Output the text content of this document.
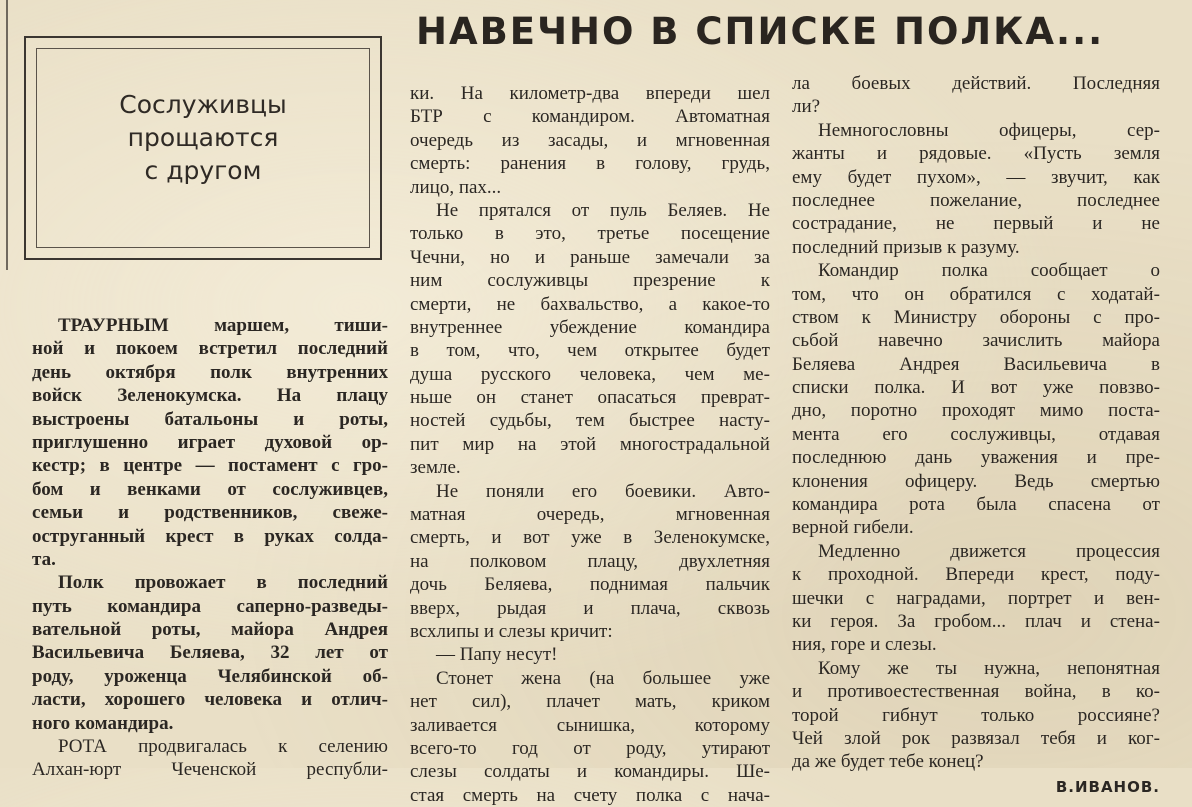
НАВЕЧНО В СПИСКЕ ПОЛКА...

Сослуживцы
прощаются
с другом

ТРАУРНЫМ маршем, тиши-
ной и покоем встретил последний
день октября полк внутренних
войск Зеленокумска. На плацу
выстроены батальоны и роты,
приглушенно играет духовой ор-
кестр; в центре — постамент с гро-
бом и венками от сослуживцев,
семьи и родственников, свеже-
оструганный крест в руках солда-
та.
Полк провожает в последний
путь командира саперно-разведы-
вательной роты, майора Андрея
Васильевича Беляева, 32 лет от
роду, уроженца Челябинской об-
ласти, хорошего человека и отлич-
ного командира.
РОТА продвигалась к селению
Алхан-юрт	Чеченской	республи-
ки. На километр-два впереди шел
БТР с командиром. Автоматная
очередь из засады, и мгновенная
смерть: ранения в голову, грудь,
лицо, пах...
Не прятался от пуль Беляев. Не
только в это, третье посещение
Чечни, но и раньше замечали за
ним сослуживцы презрение к
смерти, не бахвальство, а какое-то
внутреннее убеждение командира
в том, что, чем открытее будет
душа русского человека, чем ме-
ньше он станет опасаться преврат-
ностей судьбы, тем быстрее насту-
пит мир на этой многострадальной
земле.
Не поняли его боевики. Авто-
матная	очередь,	мгновенная
смерть, и вот уже в Зеленокумске,
на полковом плацу, двухлетняя
дочь Беляева, поднимая пальчик
вверх, рыдая и плача, сквозь
всхлипы и слезы кричит:
— Папу несут!
Стонет жена (на большее уже
нет сил), плачет мать, криком
заливается	сынишка,	которому
всего-то год от роду, утирают
слезы солдаты и командиры. Ше-
стая смерть на счету полка с нача-
ла боевых действий. Последняя
ли?
Немногословны	офицеры,	сер-
жанты и рядовые. «Пусть земля
ему будет пухом», — звучит, как
последнее	пожелание,	последнее
сострадание, не первый и не
последний призыв к разуму.
Командир полка сообщает о
том, что он обратился с ходатай-
ством к Министру обороны с про-
сьбой навечно зачислить майора
Беляева Андрея Васильевича в
списки полка. И вот уже повзво-
дно, поротно проходят мимо поста-
мента его сослуживцы, отдавая
последнюю дань уважения и пре-
клонения офицеру. Ведь смертью
командира рота была спасена от
верной гибели.
Медленно	движется	процессия
к проходной. Впереди крест, поду-
шечки с наградами, портрет и вен-
ки героя. За гробом... плач и стена-
ния, горе и слезы.
Кому же ты нужна, непонятная
и противоестественная война, в ко-
торой гибнут только россияне?
Чей злой рок развязал тебя и ког-
да же будет тебе конец?
В.ИВАНОВ.
